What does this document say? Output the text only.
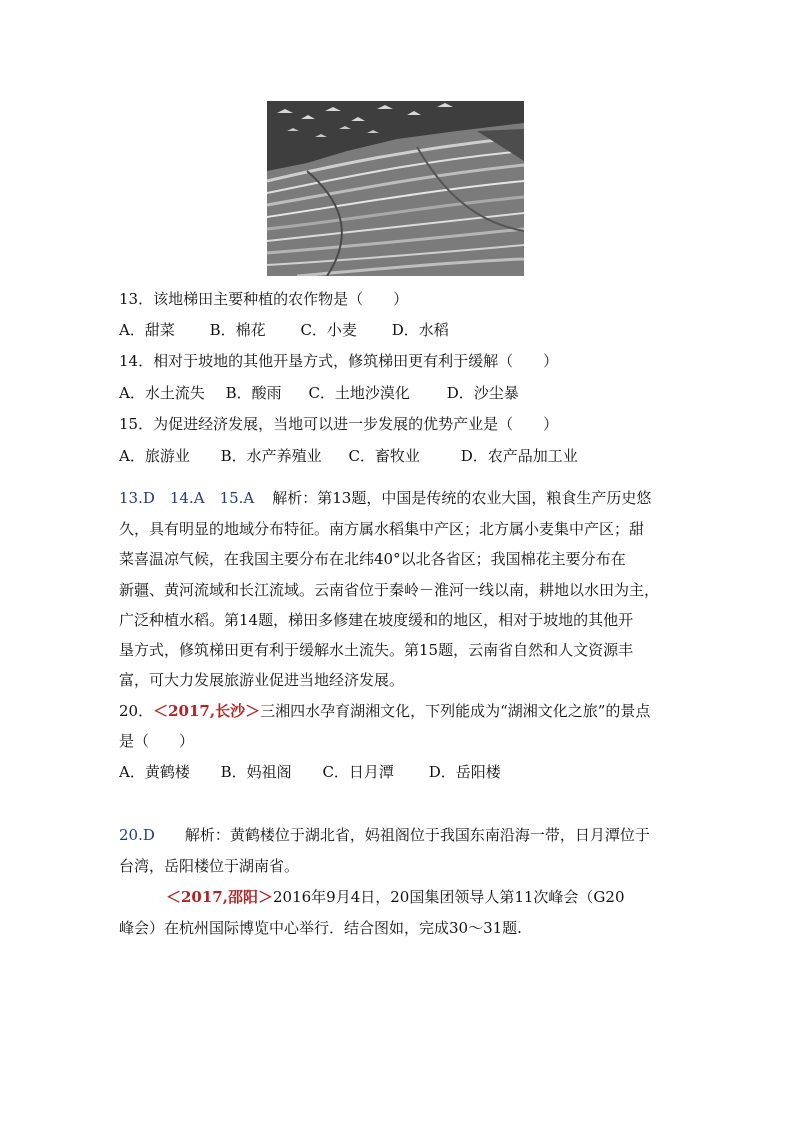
13．该地梯田主要种植的农作物是（　　）
A．甜菜 B．棉花 C．小麦 D．水稻
14．相对于坡地的其他开垦方式，修筑梯田更有利于缓解（　　）
A．水土流失 B．酸雨 C．土地沙漠化 D．沙尘暴
15．为促进经济发展，当地可以进一步发展的优势产业是（　　）
A．旅游业 B．水产养殖业 C．畜牧业	D．农产品加工业
13.D　14.A　15.A 解析：第13题，中国是传统的农业大国，粮食生产历史悠
久，具有明显的地域分布特征。南方属水稻集中产区；北方属小麦集中产区；甜
菜喜温凉气候，在我国主要分布在北纬40°以北各省区；我国棉花主要分布在
新疆、黄河流域和长江流域。云南省位于秦岭－淮河一线以南，耕地以水田为主，
广泛种植水稻。第14题，梯田多修建在坡度缓和的地区，相对于坡地的其他开
垦方式，修筑梯田更有利于缓解水土流失。第15题，云南省自然和人文资源丰
富，可大力发展旅游业促进当地经济发展。
20．＜2017,长沙＞三湘四水孕育湖湘文化，下列能成为“湖湘文化之旅”的景点
是（　　）
A．黄鹤楼 B．妈祖阁 C．日月潭 D．岳阳楼
20.D 解析：黄鹤楼位于湖北省，妈祖阁位于我国东南沿海一带，日月潭位于
台湾，岳阳楼位于湖南省。
＜2017,邵阳＞2016年9月4日，20国集团领导人第11次峰会（G20
峰会）在杭州国际博览中心举行．结合图如，完成30～31题.
